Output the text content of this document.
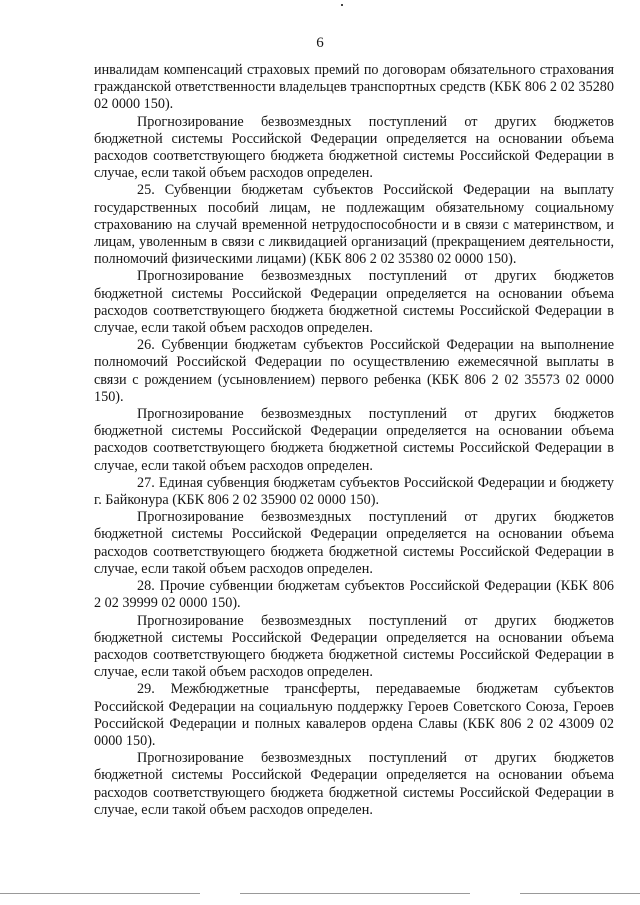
6

инвалидам компенсаций страховых премий по договорам обязательного страхования гражданской ответственности владельцев транспортных средств (КБК 806 2 02 35280 02 0000 150).

Прогнозирование безвозмездных поступлений от других бюджетов бюджетной системы Российской Федерации определяется на основании объема расходов соответствующего бюджета бюджетной системы Российской Федерации в случае, если такой объем расходов определен.

25. Субвенции бюджетам субъектов Российской Федерации на выплату государственных пособий лицам, не подлежащим обязательному социальному страхованию на случай временной нетрудоспособности и в связи с материнством, и лицам, уволенным в связи с ликвидацией организаций (прекращением деятельности, полномочий физическими лицами) (КБК 806 2 02 35380 02 0000 150).

Прогнозирование безвозмездных поступлений от других бюджетов бюджетной системы Российской Федерации определяется на основании объема расходов соответствующего бюджета бюджетной системы Российской Федерации в случае, если такой объем расходов определен.

26. Субвенции бюджетам субъектов Российской Федерации на выполнение полномочий Российской Федерации по осуществлению ежемесячной выплаты в связи с рождением (усыновлением) первого ребенка (КБК 806 2 02 35573 02 0000 150).

Прогнозирование безвозмездных поступлений от других бюджетов бюджетной системы Российской Федерации определяется на основании объема расходов соответствующего бюджета бюджетной системы Российской Федерации в случае, если такой объем расходов определен.

27. Единая субвенция бюджетам субъектов Российской Федерации и бюджету г. Байконура (КБК 806 2 02 35900 02 0000 150).

Прогнозирование безвозмездных поступлений от других бюджетов бюджетной системы Российской Федерации определяется на основании объема расходов соответствующего бюджета бюджетной системы Российской Федерации в случае, если такой объем расходов определен.

28. Прочие субвенции бюджетам субъектов Российской Федерации (КБК 806 2 02 39999 02 0000 150).

Прогнозирование безвозмездных поступлений от других бюджетов бюджетной системы Российской Федерации определяется на основании объема расходов соответствующего бюджета бюджетной системы Российской Федерации в случае, если такой объем расходов определен.

29. Межбюджетные трансферты, передаваемые бюджетам субъектов Российской Федерации на социальную поддержку Героев Советского Союза, Героев Российской Федерации и полных кавалеров ордена Славы (КБК 806 2 02 43009 02 0000 150).

Прогнозирование безвозмездных поступлений от других бюджетов бюджетной системы Российской Федерации определяется на основании объема расходов соответствующего бюджета бюджетной системы Российской Федерации в случае, если такой объем расходов определен.
